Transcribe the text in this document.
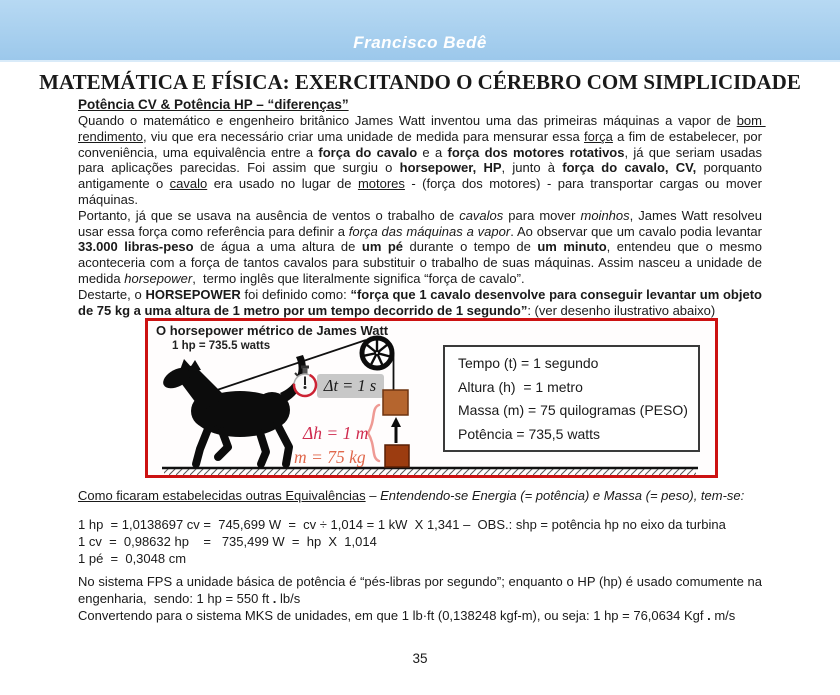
Francisco Bedê
MATEMÁTICA E FÍSICA: EXERCITANDO O CÉREBRO COM SIMPLICIDADE
Potência CV & Potência HP – “diferenças”

Quando o matemático e engenheiro britânico James Watt inventou uma das primeiras máquinas a vapor de bom rendimento, viu que era necessário criar uma unidade de medida para mensurar essa força a fim de estabelecer, por conveniência, uma equivalência entre a força do cavalo e a força dos motores rotativos, já que seriam usadas para aplicações parecidas. Foi assim que surgiu o horsepower, HP, junto à força do cavalo, CV, porquanto antigamente o cavalo era usado no lugar de motores - (força dos motores) - para transportar cargas ou mover máquinas.

Portanto, já que se usava na ausência de ventos o trabalho de cavalos para mover moinhos, James Watt resolveu usar essa força como referência para definir a força das máquinas a vapor. Ao observar que um cavalo podia levantar 33.000 libras-peso de água a uma altura de um pé durante o tempo de um minuto, entendeu que o mesmo aconteceria com a força de tantos cavalos para substituir o trabalho de suas máquinas. Assim nasceu a unidade de medida horsepower,  termo inglês que literalmente significa “força de cavalo”.

Destarte, o HORSEPOWER foi definido como: “força que 1 cavalo desenvolve para conseguir levantar um objeto de 75 kg a uma altura de 1 metro por um tempo decorrido de 1 segundo”: (ver desenho ilustrativo abaixo)

Δt = 1 s
Δh = 1 m
m = 75 kg
O horsepower métrico de James Watt
1 hp = 735.5 watts
Tempo (t) = 1 segundo
Altura (h)  = 1 metro
Massa (m) = 75 quilogramas (PESO)
Potência = 735,5 watts
Como ficaram estabelecidas outras Equivalências – Entendendo-se Energia (= potência) e Massa (= peso), tem-se:
1 hp  = 1,0138697 cv =  745,699 W  =  cv ÷ 1,014 = 1 kW  X 1,341 –  OBS.: shp = potência hp no eixo da turbina
1 cv  =  0,98632 hp    =   735,499 W  =  hp  X  1,014
1 pé  =  0,3048 cm

No sistema FPS a unidade básica de potência é “pés-libras por segundo”; enquanto o HP (hp) é usado comumente na engenharia,  sendo: 1 hp = 550 ft . lb/s

Convertendo para o sistema MKS de unidades, em que 1 lb·ft (0,138248 kgf-m), ou seja: 1 hp = 76,0634 Kgf . m/s

35
